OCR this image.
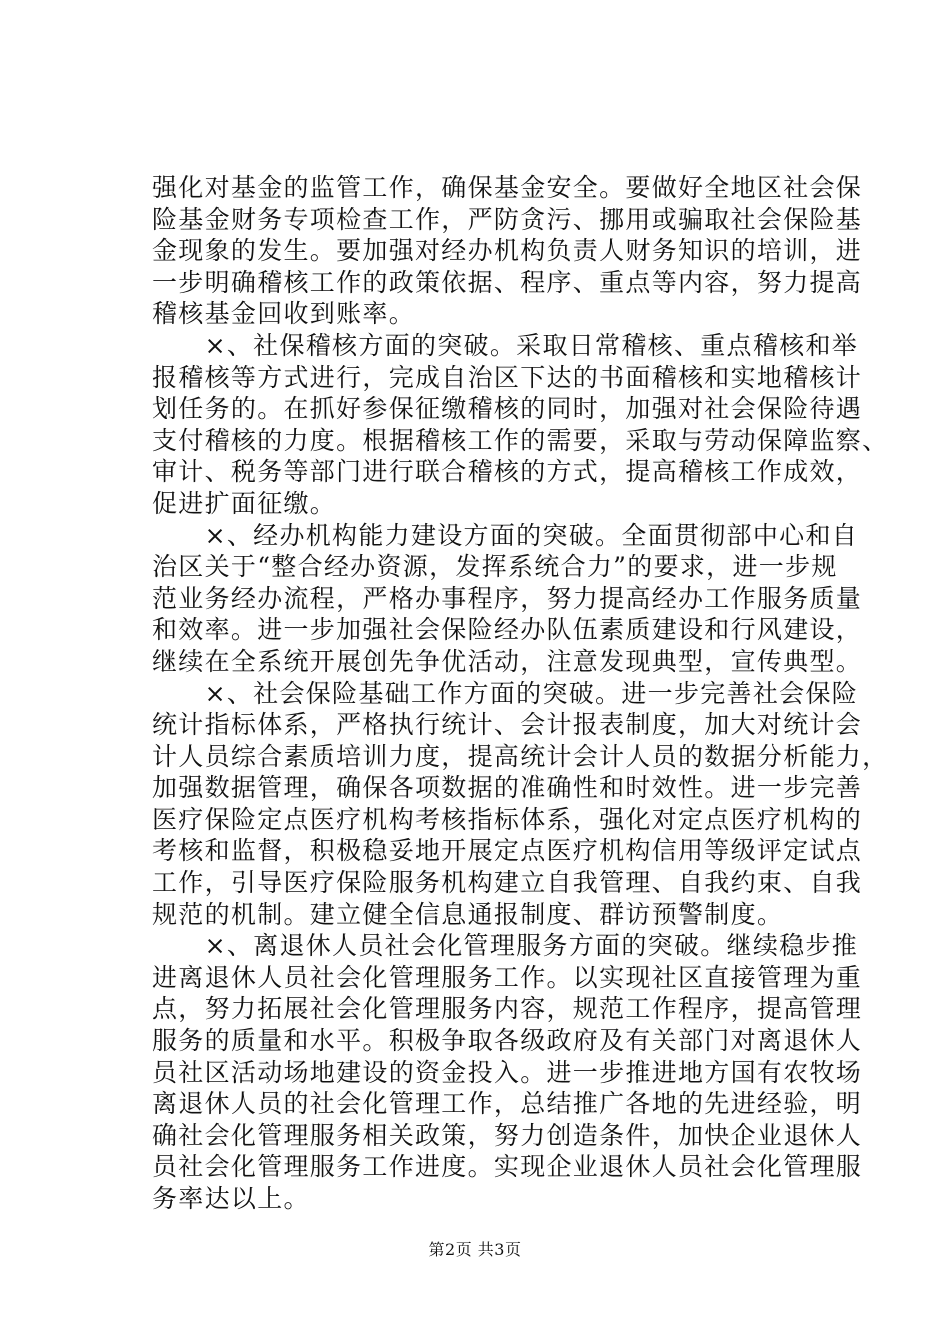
强化对基金的监管工作，确保基金安全。要做好全地区社会保
险基金财务专项检查工作，严防贪污、挪用或骗取社会保险基
金现象的发生。要加强对经办机构负责人财务知识的培训，进
一步明确稽核工作的政策依据、程序、重点等内容，努力提高
稽核基金回收到账率。
　　×、社保稽核方面的突破。采取日常稽核、重点稽核和举
报稽核等方式进行，完成自治区下达的书面稽核和实地稽核计
划任务的。在抓好参保征缴稽核的同时，加强对社会保险待遇
支付稽核的力度。根据稽核工作的需要，采取与劳动保障监察、
审计、税务等部门进行联合稽核的方式，提高稽核工作成效，
促进扩面征缴。
　　×、经办机构能力建设方面的突破。全面贯彻部中心和自
治区关于“整合经办资源，发挥系统合力”的要求，进一步规
范业务经办流程，严格办事程序，努力提高经办工作服务质量
和效率。进一步加强社会保险经办队伍素质建设和行风建设，
继续在全系统开展创先争优活动，注意发现典型，宣传典型。
　　×、社会保险基础工作方面的突破。进一步完善社会保险
统计指标体系，严格执行统计、会计报表制度，加大对统计会
计人员综合素质培训力度，提高统计会计人员的数据分析能力，
加强数据管理，确保各项数据的准确性和时效性。进一步完善
医疗保险定点医疗机构考核指标体系，强化对定点医疗机构的
考核和监督，积极稳妥地开展定点医疗机构信用等级评定试点
工作，引导医疗保险服务机构建立自我管理、自我约束、自我
规范的机制。建立健全信息通报制度、群访预警制度。
　　×、离退休人员社会化管理服务方面的突破。继续稳步推
进离退休人员社会化管理服务工作。以实现社区直接管理为重
点，努力拓展社会化管理服务内容，规范工作程序，提高管理
服务的质量和水平。积极争取各级政府及有关部门对离退休人
员社区活动场地建设的资金投入。进一步推进地方国有农牧场
离退休人员的社会化管理工作，总结推广各地的先进经验，明
确社会化管理服务相关政策，努力创造条件，加快企业退休人
员社会化管理服务工作进度。实现企业退休人员社会化管理服
务率达以上。
第2页 共3页
